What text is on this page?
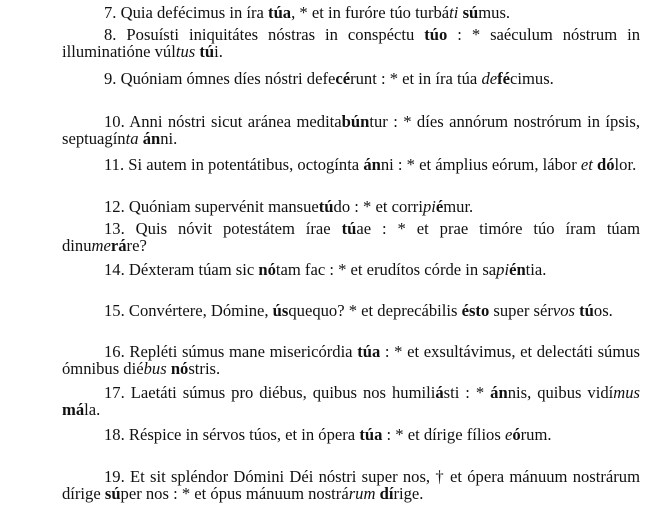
7. Quia defécimus in íra túa, * et in furóre túo turbáti súmus.

8. Posuísti iniquitátes nóstras in conspéctu túo : * saéculum nóstrum in illuminatióne vúltus túi.

9. Quóniam ómnes díes nóstri defecérunt : * et in íra túa defécimus.

10. Anni nóstri sicut aránea meditabúntur : * díes annórum nostrórum in ípsis, septuagínta ánni.

11. Si autem in potentátibus, octogínta ánni : * et ámplius eórum, lábor et dólor.

12. Quóniam supervénit mansuetúdo : * et corripiémur.

13. Quis nóvit potestátem írae túae : * et prae timóre túo íram túam dinumeráre?

14. Déxteram túam sic nótam fac : * et erudítos córde in sapiéntia.

15. Convértere, Dómine, úsquequo? * et deprecábilis ésto super sérvos túos.

16. Repléti súmus mane misericórdia túa : * et exsultávimus, et delectáti súmus ómnibus diébus nóstris.

17. Laetáti súmus pro diébus, quibus nos humiliásti : * ánnis, quibus vidímus mála.

18. Réspice in sérvos túos, et in ópera túa : * et dírige fílios eórum.

19. Et sit spléndor Dómini Déi nóstri super nos, † et ópera mánuum nostrárum dírige súper nos : * et ópus mánuum nostrárum dírige.
